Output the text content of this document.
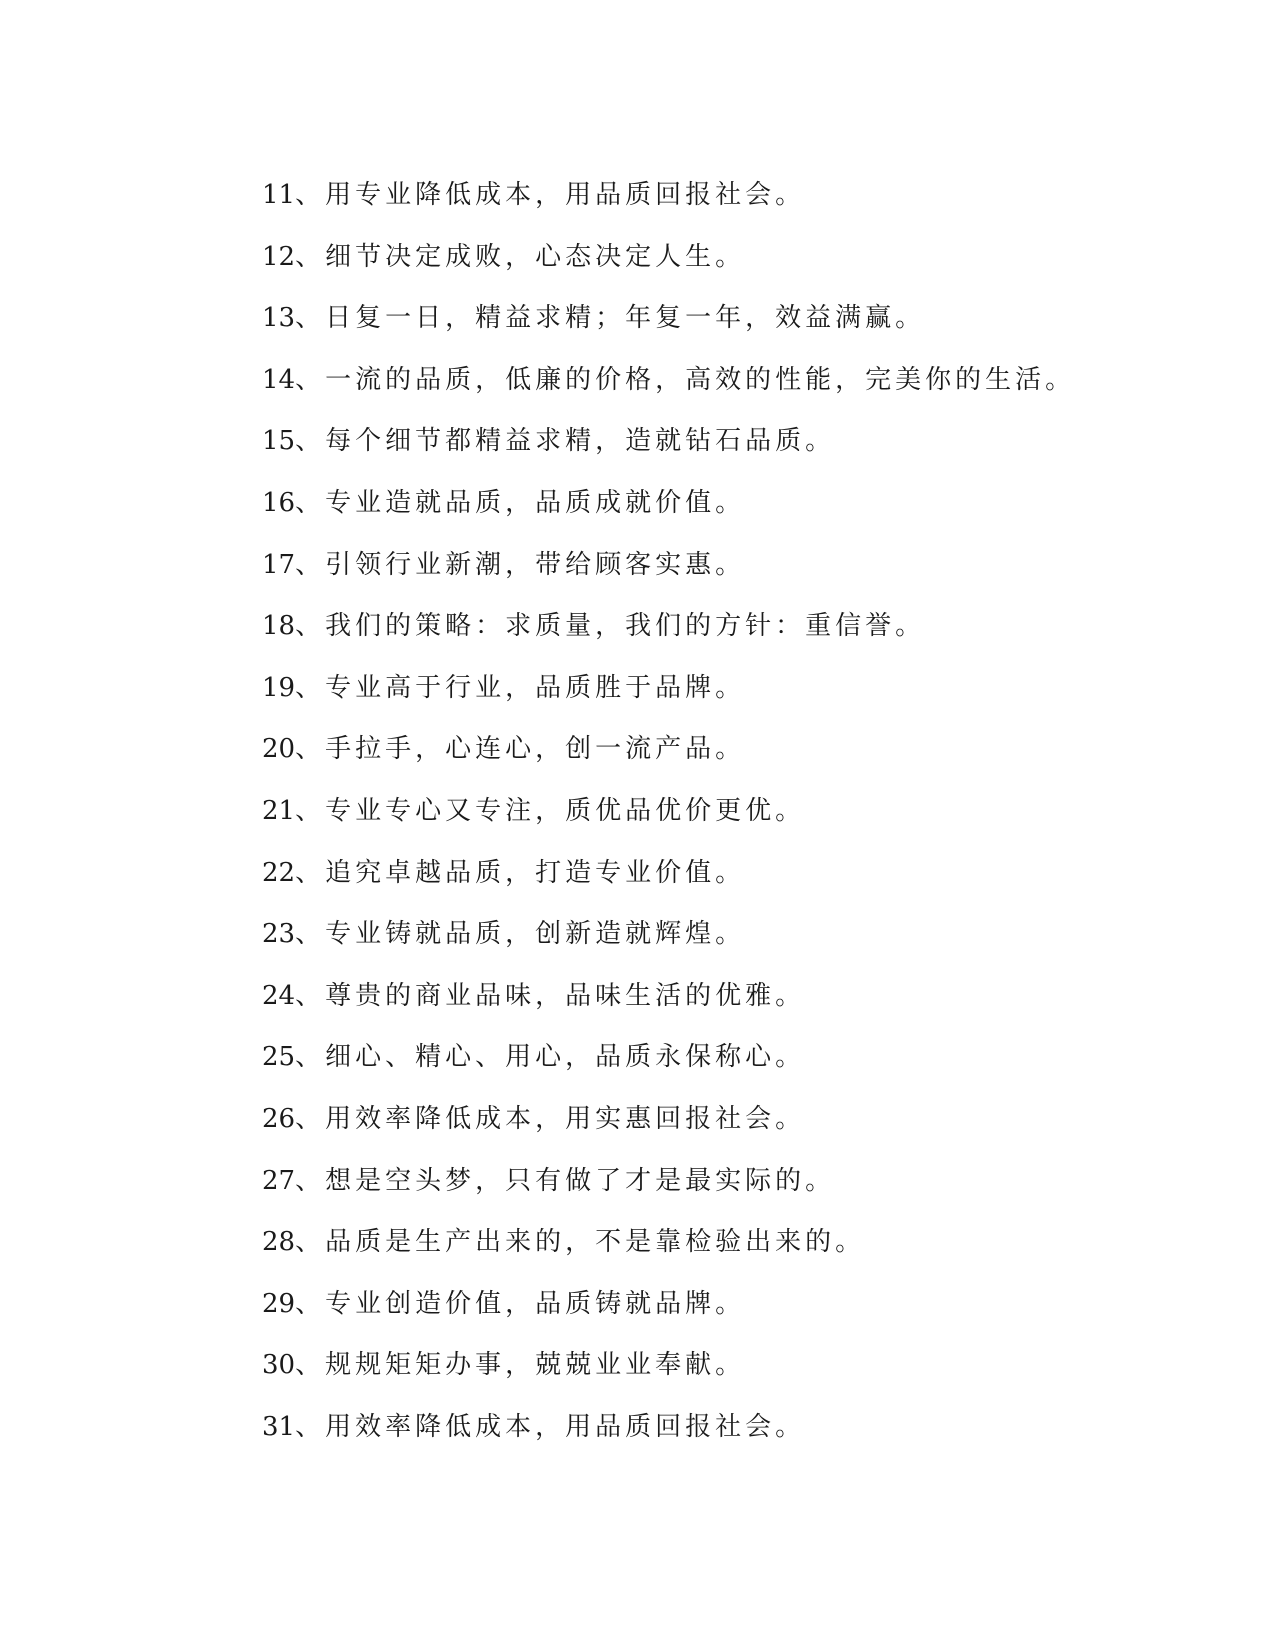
11、用专业降低成本，用品质回报社会。
12、细节决定成败，心态决定人生。
13、日复一日，精益求精；年复一年，效益满赢。
14、一流的品质，低廉的价格，高效的性能，完美你的生活。
15、每个细节都精益求精，造就钻石品质。
16、专业造就品质，品质成就价值。
17、引领行业新潮，带给顾客实惠。
18、我们的策略：求质量，我们的方针：重信誉。
19、专业高于行业，品质胜于品牌。
20、手拉手，心连心，创一流产品。
21、专业专心又专注，质优品优价更优。
22、追究卓越品质，打造专业价值。
23、专业铸就品质，创新造就辉煌。
24、尊贵的商业品味，品味生活的优雅。
25、细心、精心、用心，品质永保称心。
26、用效率降低成本，用实惠回报社会。
27、想是空头梦，只有做了才是最实际的。
28、品质是生产出来的，不是靠检验出来的。
29、专业创造价值，品质铸就品牌。
30、规规矩矩办事，兢兢业业奉献。
31、用效率降低成本，用品质回报社会。
